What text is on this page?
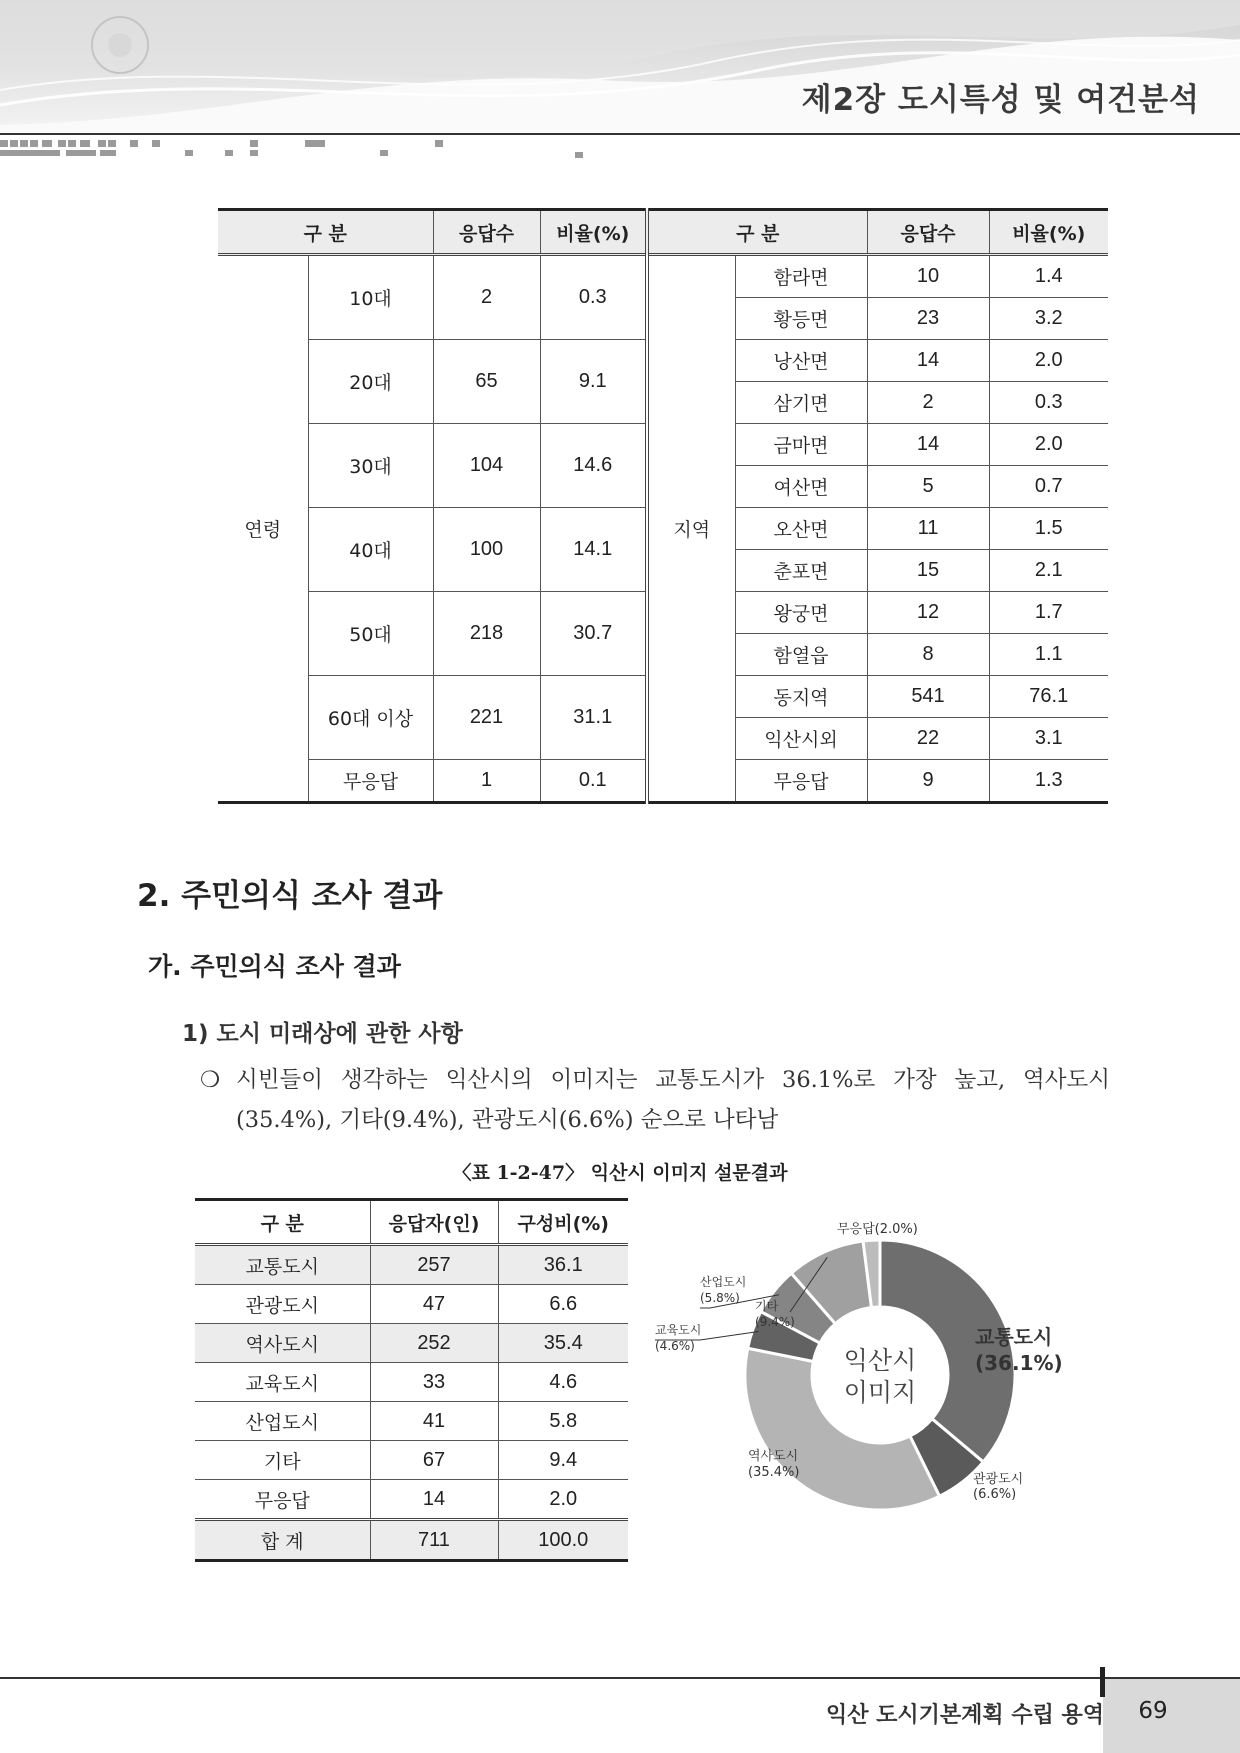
제2장 도시특성 및 여건분석
구 분		응답수	비율(%)	구 분		응답수	비율(%)
연령	10대	2	0.3	지역	함라면	10	1.4
					황등면	23	3.2
	20대	65	9.1		낭산면	14	2.0
					삼기면	2	0.3
	30대	104	14.6		금마면	14	2.0
					여산면	5	0.7
	40대	100	14.1		오산면	11	1.5
					춘포면	15	2.1
	50대	218	30.7		왕궁면	12	1.7
					함열읍	8	1.1
	60대 이상	221	31.1		동지역	541	76.1
					익산시외	22	3.1
	무응답	1	0.1		무응답	9	1.3
2. 주민의식 조사 결과
가. 주민의식 조사 결과
1) 도시 미래상에 관한 사항
❍ 시빈들이 생각하는 익산시의 이미지는 교통도시가 36.1%로 가장 높고, 역사도시(35.4%), 기타(9.4%), 관광도시(6.6%) 순으로 나타남
〈표 1-2-47〉 익산시 이미지 설문결과
구 분	응답자(인)	구성비(%)
교통도시	257	36.1
관광도시	47	6.6
역사도시	252	35.4
교육도시	33	4.6
산업도시	41	5.8
기타	67	9.4
무응답	14	2.0
합 계	711	100.0
익산시
이미지
교통도시
(36.1%)
관광도시
(6.6%)
역사도시
(35.4%)
교육도시
(4.6%)
산업도시
(5.8%)
기타
(9.4%)
무응답(2.0%)
익산 도시기본계획 수립 용역	69
